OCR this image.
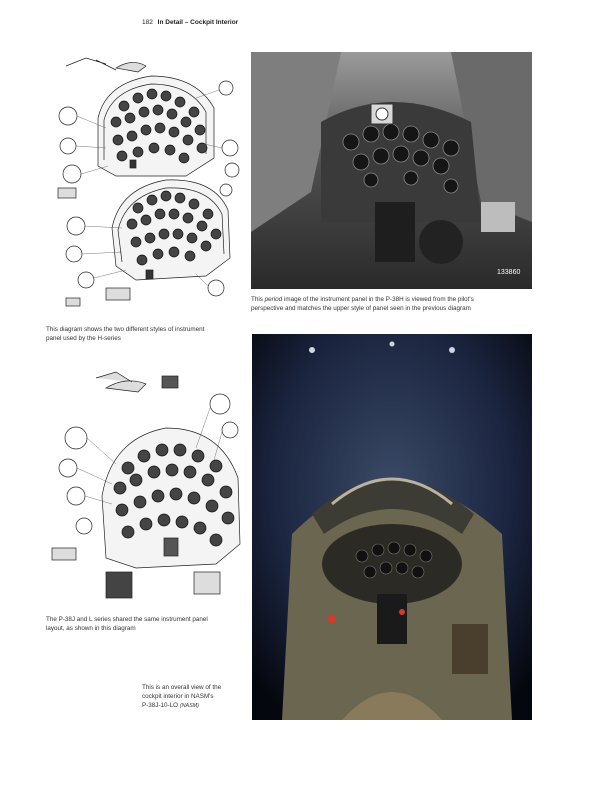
182 In Detail – Cockpit Interior
133860
This period image of the instrument panel in the P-38H is viewed from the pilot's
perspective and matches the upper style of panel seen in the previous diagram
This diagram shows the two different styles of instrument
panel used by the H-series
The P-38J and L series shared the same instrument panel
layout, as shown in this diagram
This is an overall view of the
cockpit interior in NASM's
P-38J-10-LO (NASM)
